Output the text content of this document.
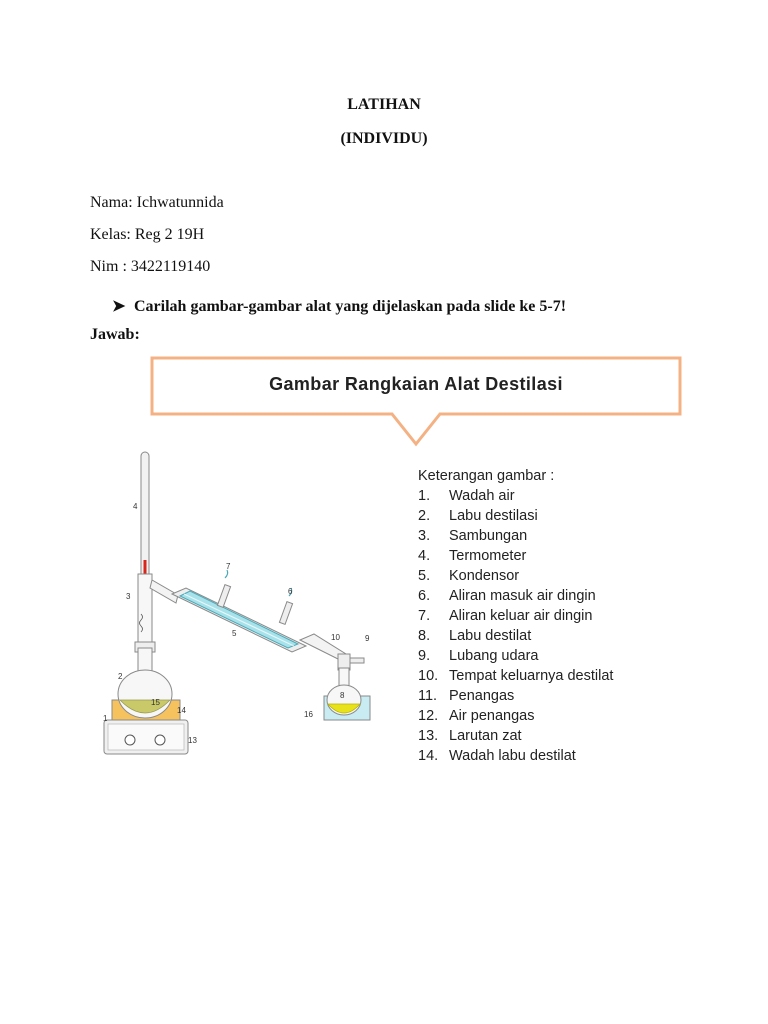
LATIHAN
(INDIVIDU)
Nama: Ichwatunnida
Kelas: Reg 2 19H
Nim : 3422119140
➤ Carilah gambar-gambar alat yang dijelaskan pada slide ke 5-7!
Jawab:
4
3
2
1
14
15
13
7
6
5	10	9
8
16
Gambar Rangkaian Alat Destilasi
Keterangan gambar :
1.	Wadah air
2.	Labu destilasi
3.	Sambungan
4.	Termometer
5.	Kondensor
6.	Aliran masuk air dingin
7.	Aliran keluar air dingin
8.	Labu destilat
9.	Lubang udara
10. Tempat keluarnya destilat
11. Penangas
12. Air penangas
13. Larutan zat
14. Wadah labu destilat
